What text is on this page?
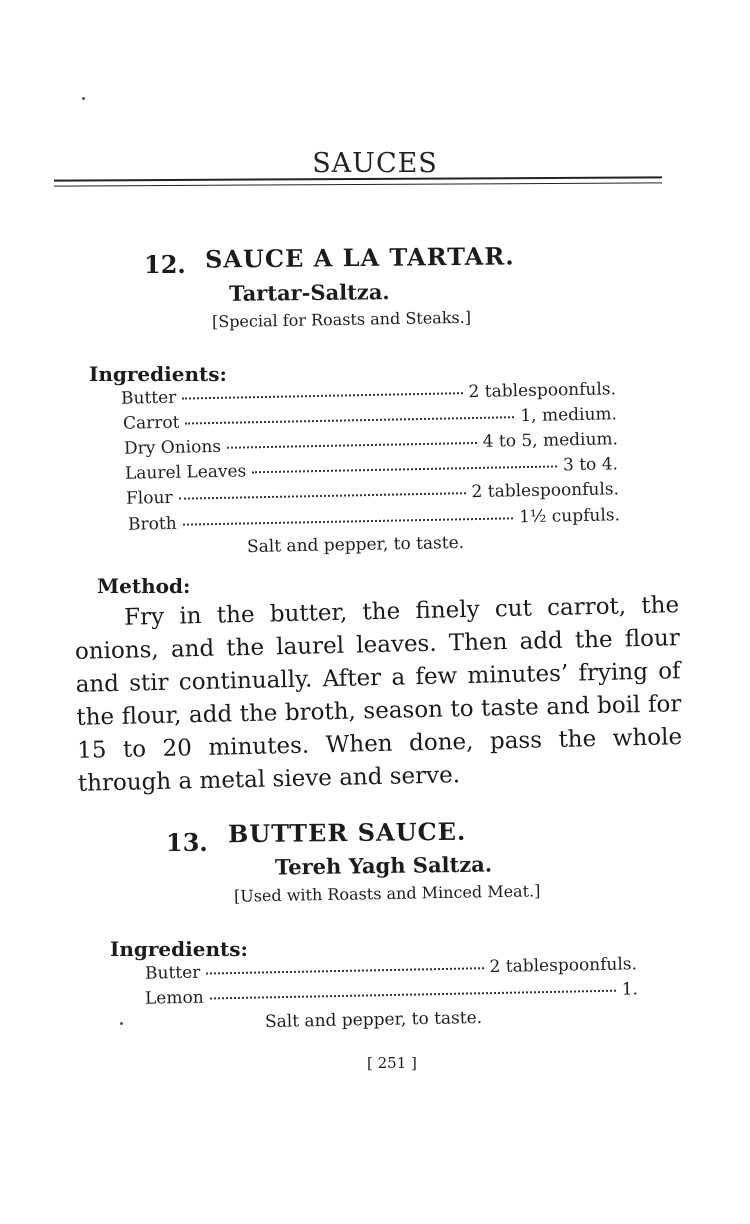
SAUCES
12. SAUCE A LA TARTAR.
Tartar-Saltza.
[Special for Roasts and Steaks.]
Ingredients:
Butter	2 tablespoonfuls.
Carrot	1, medium.
Dry Onions	4 to 5, medium.
Laurel Leaves	3 to 4.
Flour	2 tablespoonfuls.
Broth	1½ cupfuls.
Salt and pepper, to taste.
Method:
Fry in the butter, the finely cut carrot, the onions, and the laurel leaves. Then add the flour and stir continually. After a few minutes’ frying of the flour, add the broth, season to taste and boil for 15 to 20 minutes. When done, pass the whole through a metal sieve and serve.
13. BUTTER SAUCE.
Tereh Yagh Saltza.
[Used with Roasts and Minced Meat.]
Ingredients:
Butter	2 tablespoonfuls.
Lemon	1.
Salt and pepper, to taste.
[ 251 ]
